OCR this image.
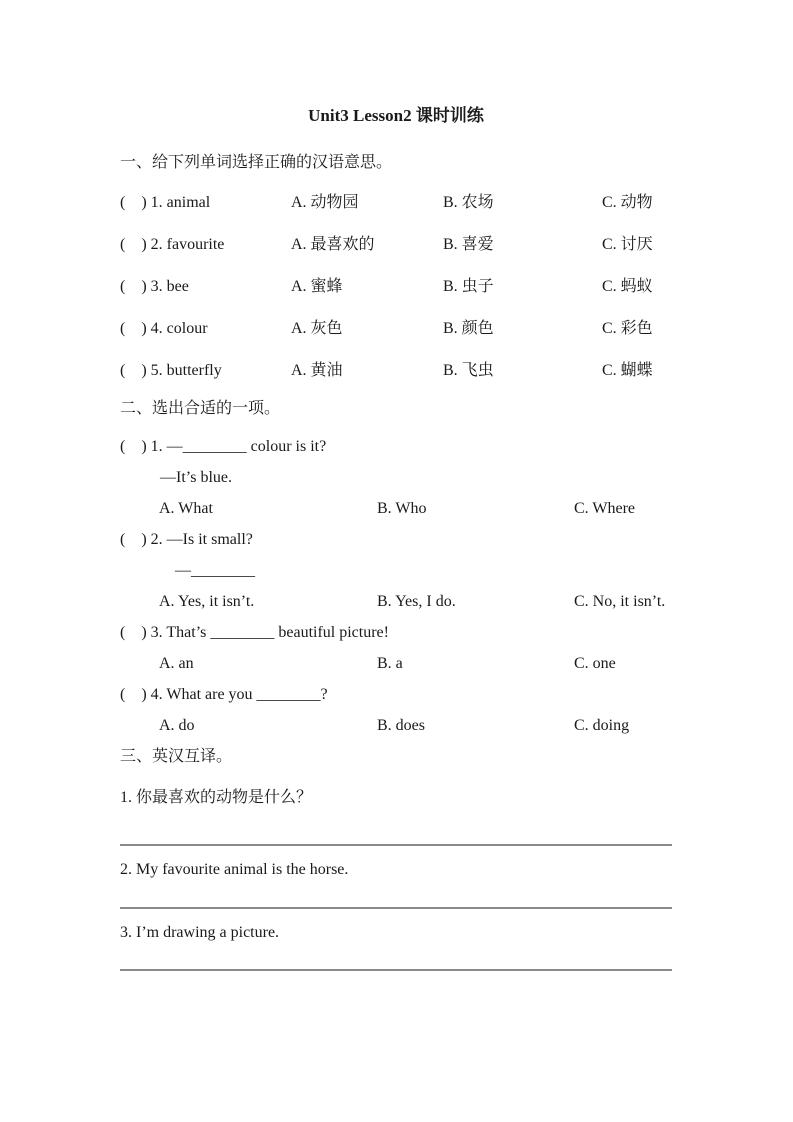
Unit3 Lesson2 课时训练
一、给下列单词选择正确的汉语意思。
(    ) 1. animal	A. 动物园	B. 农场	C. 动物
(    ) 2. favourite	A. 最喜欢的	B. 喜爱	C. 讨厌
(    ) 3. bee	A. 蜜蜂	B. 虫子	C. 蚂蚁
(    ) 4. colour	A. 灰色	B. 颜色	C. 彩色
(    ) 5. butterfly	A. 黄油	B. 飞虫	C. 蝴蝶
二、选出合适的一项。
(    ) 1. —________ colour is it?
—It’s blue.
A. What	B. Who	C. Where
(    ) 2. —Is it small?
—________
A. Yes, it isn’t.	B. Yes, I do.	C. No, it isn’t.
(    ) 3. That’s ________ beautiful picture!
A. an	B. a	C. one
(    ) 4. What are you ________?
A. do	B. does	C. doing
三、英汉互译。
1. 你最喜欢的动物是什么？
2. My favourite animal is the horse.
3. I’m drawing a picture.
